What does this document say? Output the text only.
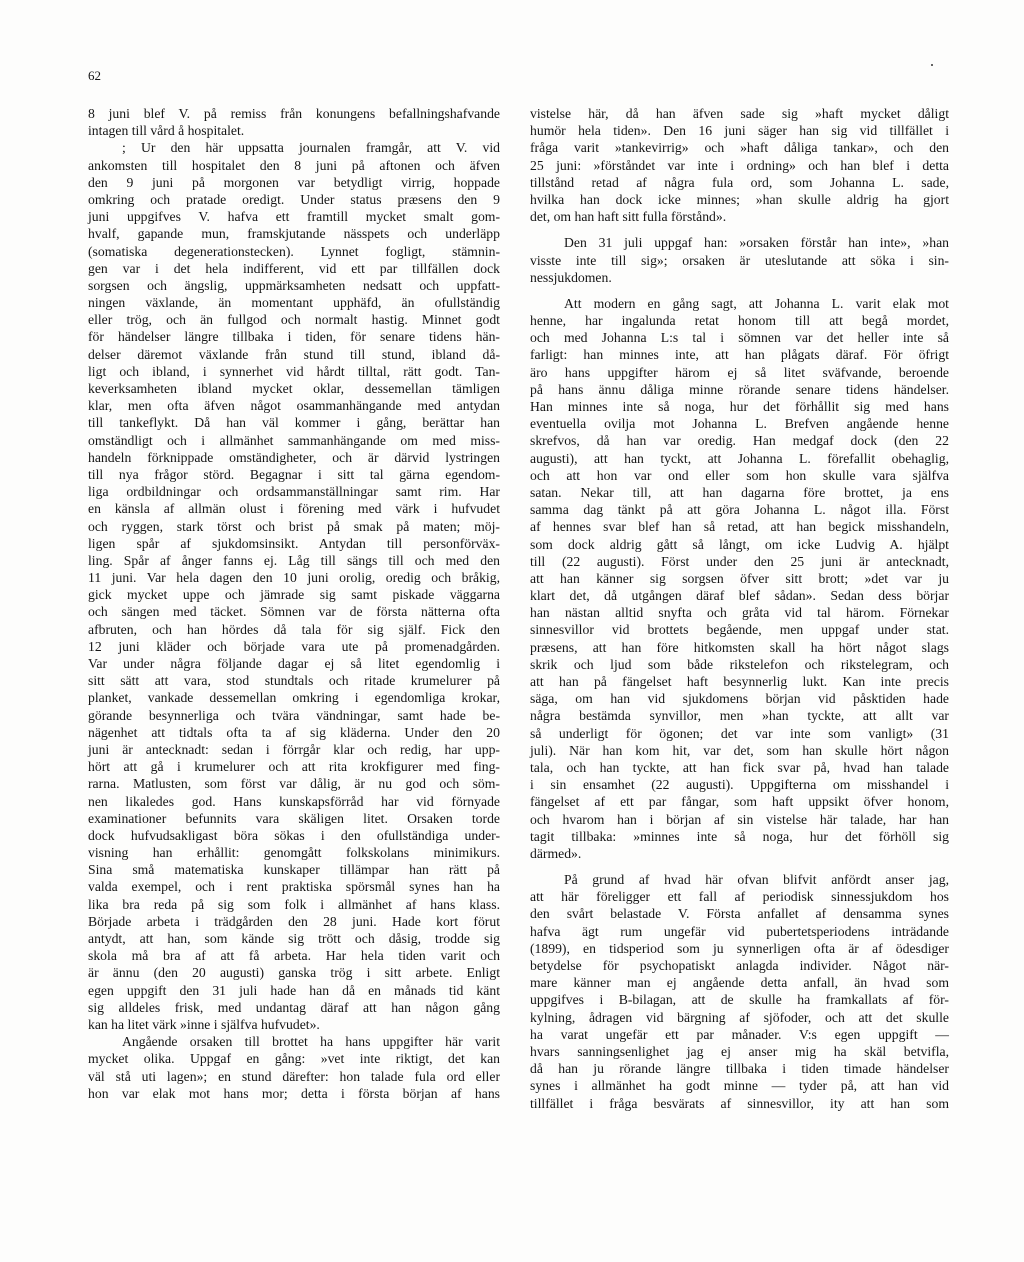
62
8 juni blef V. på remiss från konungens befallningshafvande
intagen till vård å hospitalet.
; Ur den här uppsatta journalen framgår, att V. vid
ankomsten till hospitalet den 8 juni på aftonen och äfven
den 9 juni på morgonen var betydligt virrig, hoppade
omkring och pratade oredigt. Under status præsens den 9
juni uppgifves V. hafva ett framtill mycket smalt gom-
hvalf, gapande mun, framskjutande nässpets och underläpp
(somatiska degenerationstecken). Lynnet fogligt, stämnin-
gen var i det hela indifferent, vid ett par tillfällen dock
sorgsen och ängslig, uppmärksamheten nedsatt och uppfatt-
ningen växlande, än momentant upphäfd, än ofullständig
eller trög, och än fullgod och normalt hastig. Minnet godt
för händelser längre tillbaka i tiden, för senare tidens hän-
delser däremot växlande från stund till stund, ibland då-
ligt och ibland, i synnerhet vid hårdt tilltal, rätt godt. Tan-
keverksamheten ibland mycket oklar, dessemellan tämligen
klar, men ofta äfven något osammanhängande med antydan
till tankeflykt. Då han väl kommer i gång, berättar han
omständligt och i allmänhet sammanhängande om med miss-
handeln förknippade omständigheter, och är därvid lystringen
till nya frågor störd. Begagnar i sitt tal gärna egendom-
liga ordbildningar och ordsammanställningar samt rim. Har
en känsla af allmän olust i förening med värk i hufvudet
och ryggen, stark törst och brist på smak på maten; möj-
ligen spår af sjukdomsinsikt. Antydan till personförväx-
ling. Spår af ånger fanns ej. Låg till sängs till och med den
11 juni. Var hela dagen den 10 juni orolig, oredig och bråkig,
gick mycket uppe och jämrade sig samt piskade väggarna
och sängen med täcket. Sömnen var de första nätterna ofta
afbruten, och han hördes då tala för sig själf. Fick den
12 juni kläder och började vara ute på promenadgården.
Var under några följande dagar ej så litet egendomlig i
sitt sätt att vara, stod stundtals och ritade krumelurer på
planket, vankade dessemellan omkring i egendomliga krokar,
görande besynnerliga och tvära vändningar, samt hade be-
nägenhet att tidtals ofta ta af sig kläderna. Under den 20
juni är antecknadt: sedan i förrgår klar och redig, har upp-
hört att gå i krumelurer och att rita krokfigurer med fing-
rarna. Matlusten, som först var dålig, är nu god och söm-
nen likaledes god. Hans kunskapsförråd har vid förnyade
examinationer befunnits vara skäligen litet. Orsaken torde
dock hufvudsakligast böra sökas i den ofullständiga under-
visning han erhållit: genomgått folkskolans minimikurs.
Sina små matematiska kunskaper tillämpar han rätt på
valda exempel, och i rent praktiska spörsmål synes han ha
lika bra reda på sig som folk i allmänhet af hans klass.
Började arbeta i trädgården den 28 juni. Hade kort förut
antydt, att han, som kände sig trött och dåsig, trodde sig
skola må bra af att få arbeta. Har hela tiden varit och
är ännu (den 20 augusti) ganska trög i sitt arbete. Enligt
egen uppgift den 31 juli hade han då en månads tid känt
sig alldeles frisk, med undantag däraf att han någon gång
kan ha litet värk »inne i själfva hufvudet».
Angående orsaken till brottet ha hans uppgifter här varit
mycket olika. Uppgaf en gång: »vet inte riktigt, det kan
väl stå uti lagen»; en stund därefter: hon talade fula ord eller
hon var elak mot hans mor; detta i första början af hans
vistelse här, då han äfven sade sig »haft mycket dåligt
humör hela tiden». Den 16 juni säger han sig vid tillfället i
fråga varit »tankevirrig» och »haft dåliga tankar», och den
25 juni: »förståndet var inte i ordning» och han blef i detta
tillstånd retad af några fula ord, som Johanna L. sade,
hvilka han dock icke minnes; »han skulle aldrig ha gjort
det, om han haft sitt fulla förstånd».
Den 31 juli uppgaf han: »orsaken förstår han inte», »han
visste inte till sig»; orsaken är uteslutande att söka i sin-
nessjukdomen.
Att modern en gång sagt, att Johanna L. varit elak mot
henne, har ingalunda retat honom till att begå mordet,
och med Johanna L:s tal i sömnen var det heller inte så
farligt: han minnes inte, att han plågats däraf. För öfrigt
äro hans uppgifter härom ej så litet sväfvande, beroende
på hans ännu dåliga minne rörande senare tidens händelser.
Han minnes inte så noga, hur det förhållit sig med hans
eventuella ovilja mot Johanna L. Brefven angående henne
skrefvos, då han var oredig. Han medgaf dock (den 22
augusti), att han tyckt, att Johanna L. förefallit obehaglig,
och att hon var ond eller som hon skulle vara själfva
satan. Nekar till, att han dagarna före brottet, ja ens
samma dag tänkt på att göra Johanna L. något illa. Först
af hennes svar blef han så retad, att han begick misshandeln,
som dock aldrig gått så långt, om icke Ludvig A. hjälpt
till (22 augusti). Först under den 25 juni är antecknadt,
att han känner sig sorgsen öfver sitt brott; »det var ju
klart det, då utgången däraf blef sådan». Sedan dess börjar
han nästan alltid snyfta och gråta vid tal härom. Förnekar
sinnesvillor vid brottets begående, men uppgaf under stat.
præsens, att han före hitkomsten skall ha hört något slags
skrik och ljud som både rikstelefon och rikstelegram, och
att han på fängelset haft besynnerlig lukt. Kan inte precis
säga, om han vid sjukdomens början vid påsktiden hade
några bestämda synvillor, men »han tyckte, att allt var
så underligt för ögonen; det var inte som vanligt» (31
juli). När han kom hit, var det, som han skulle hört någon
tala, och han tyckte, att han fick svar på, hvad han talade
i sin ensamhet (22 augusti). Uppgifterna om misshandel i
fängelset af ett par fångar, som haft uppsikt öfver honom,
och hvarom han i början af sin vistelse här talade, har han
tagit tillbaka: »minnes inte så noga, hur det förhöll sig
därmed».
På grund af hvad här ofvan blifvit anfördt anser jag,
att här föreligger ett fall af periodisk sinnessjukdom hos
den svårt belastade V. Första anfallet af densamma synes
hafva ägt rum ungefär vid pubertetsperiodens inträdande
(1899), en tidsperiod som ju synnerligen ofta är af ödesdiger
betydelse för psychopatiskt anlagda individer. Något när-
mare känner man ej angående detta anfall, än hvad som
uppgifves i B-bilagan, att de skulle ha framkallats af för-
kylning, ådragen vid bärgning af sjöfoder, och att det skulle
ha varat ungefär ett par månader. V:s egen uppgift —
hvars sanningsenlighet jag ej anser mig ha skäl betvifla,
då han ju rörande längre tillbaka i tiden timade händelser
synes i allmänhet ha godt minne — tyder på, att han vid
tillfället i fråga besvärats af sinnesvillor, ity att han som
